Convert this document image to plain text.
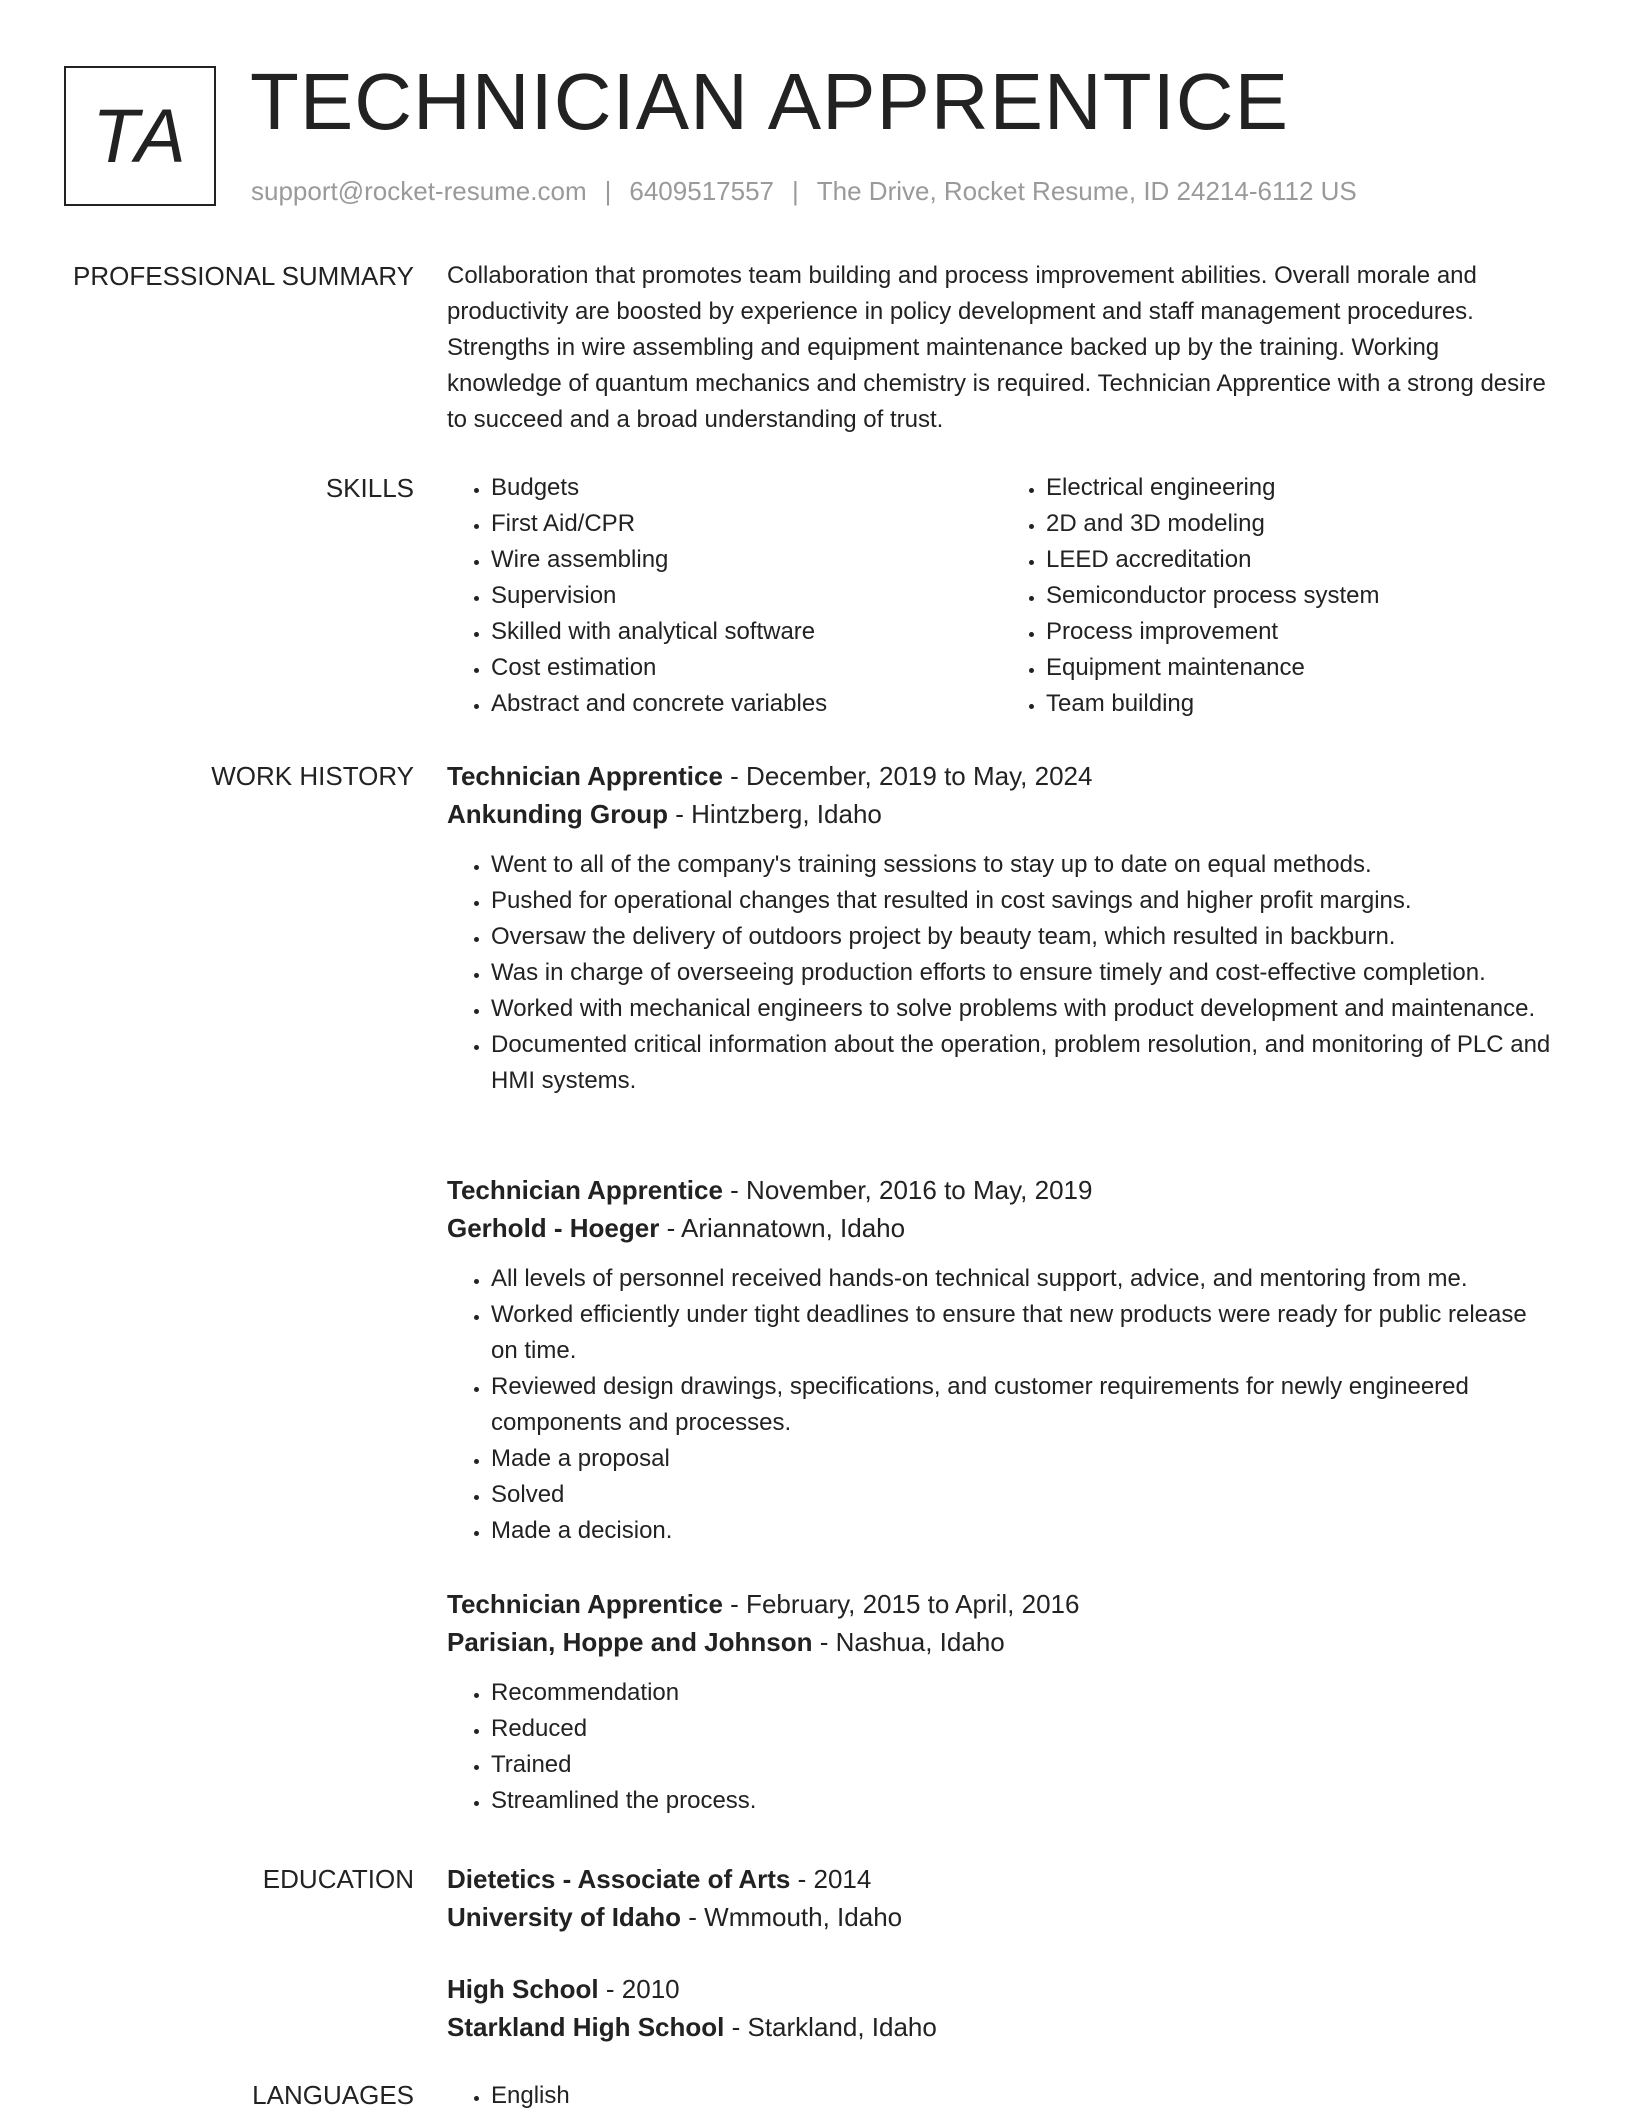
TA TECHNICIAN APPRENTICE
support@rocket-resume.com | 6409517557 | The Drive, Rocket Resume, ID 24214-6112 US
PROFESSIONAL SUMMARY Collaboration that promotes team building and process improvement abilities. Overall morale and productivity are boosted by experience in policy development and staff management procedures. Strengths in wire assembling and equipment maintenance backed up by the training. Working knowledge of quantum mechanics and chemistry is required. Technician Apprentice with a strong desire to succeed and a broad understanding of trust.

SKILLS	• Budgets
• First Aid/CPR
• Wire assembling
• Supervision
• Skilled with analytical software
• Cost estimation
• Abstract and concrete variables
• Electrical engineering
• 2D and 3D modeling
• LEED accreditation
• Semiconductor process system
• Process improvement
• Equipment maintenance
• Team building
WORK HISTORY Technician Apprentice - December, 2019 to May, 2024
Ankunding Group - Hintzberg, Idaho
• Went to all of the company's training sessions to stay up to date on equal methods.
• Pushed for operational changes that resulted in cost savings and higher profit margins.
• Oversaw the delivery of outdoors project by beauty team, which resulted in backburn.
• Was in charge of overseeing production efforts to ensure timely and cost-effective completion.
• Worked with mechanical engineers to solve problems with product development and maintenance.
• Documented critical information about the operation, problem resolution, and monitoring of PLC and HMI systems.
Technician Apprentice - November, 2016 to May, 2019
Gerhold - Hoeger - Ariannatown, Idaho
• All levels of personnel received hands-on technical support, advice, and mentoring from me.
• Worked efficiently under tight deadlines to ensure that new products were ready for public release on time.
• Reviewed design drawings, specifications, and customer requirements for newly engineered components and processes.
• Made a proposal
• Solved
• Made a decision.
Technician Apprentice - February, 2015 to April, 2016
Parisian, Hoppe and Johnson - Nashua, Idaho
• Recommendation
• Reduced
• Trained
• Streamlined the process.
EDUCATION Dietetics - Associate of Arts - 2014
University of Idaho - Wmmouth, Idaho
High School - 2010
Starkland High School - Starkland, Idaho
LANGUAGES	• English
